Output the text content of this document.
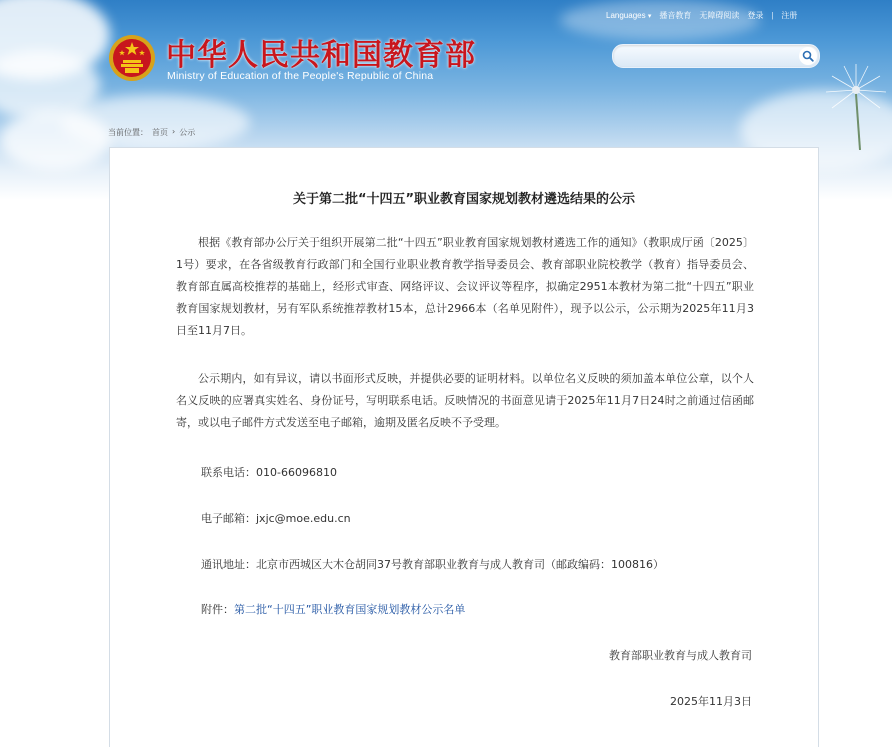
中华人民共和国教育部
Ministry of Education of the People's Republic of China
Languages ▾ 播音教育 无障碍阅读 登录 | 注册
当前位置： 首页 › 公示
关于第二批“十四五”职业教育国家规划教材遴选结果的公示

根据《教育部办公厅关于组织开展第二批“十四五”职业教育国家规划教材遴选工作的通知》（教职成厅函〔2025〕1号）要求，在各省级教育行政部门和全国行业职业教育教学指导委员会、教育部职业院校教学（教育）指导委员会、教育部直属高校推荐的基础上，经形式审查、网络评议、会议评议等程序，拟确定2951本教材为第二批“十四五”职业教育国家规划教材，另有军队系统推荐教材15本，总计2966本（名单见附件），现予以公示，公示期为2025年11月3日至11月7日。

公示期内，如有异议，请以书面形式反映，并提供必要的证明材料。以单位名义反映的须加盖本单位公章，以个人名义反映的应署真实姓名、身份证号，写明联系电话。反映情况的书面意见请于2025年11月7日24时之前通过信函邮寄，或以电子邮件方式发送至电子邮箱，逾期及匿名反映不予受理。

联系电话：010-66096810
电子邮箱：jxjc@moe.edu.cn
通讯地址：北京市西城区大木仓胡同37号教育部职业教育与成人教育司（邮政编码：100816）
附件：第二批“十四五”职业教育国家规划教材公示名单
教育部职业教育与成人教育司
2025年11月3日
